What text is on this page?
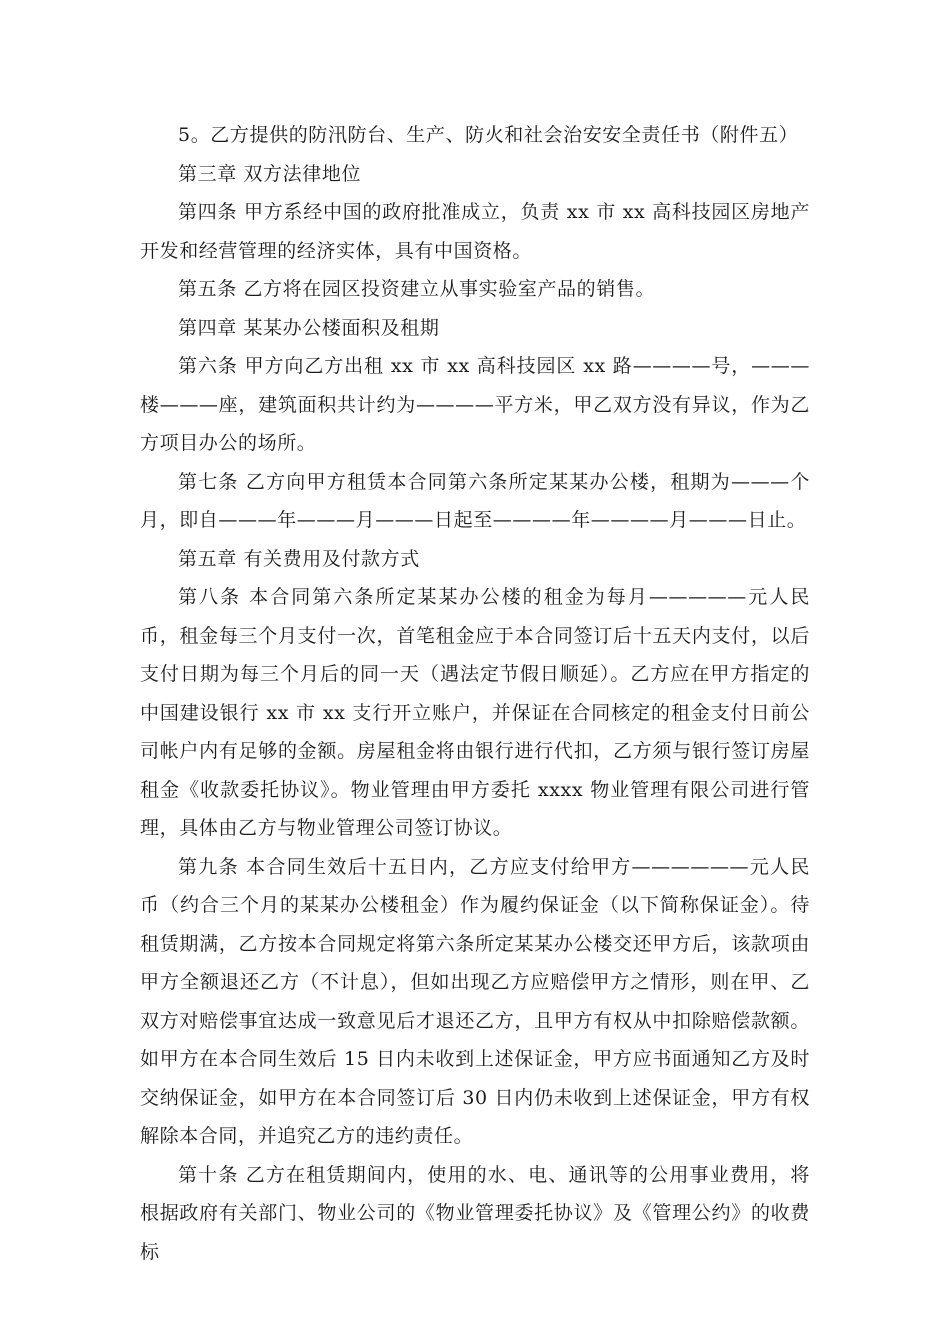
5。乙方提供的防汛防台、生产、防火和社会治安安全责任书（附件五）

第三章 双方法律地位

第四条 甲方系经中国的政府批准成立，负责 xx 市 xx 高科技园区房地产开发和经营管理的经济实体，具有中国资格。

第五条 乙方将在园区投资建立从事实验室产品的销售。

第四章 某某办公楼面积及租期

第六条 甲方向乙方出租 xx 市 xx 高科技园区 xx 路————号，———楼———座，建筑面积共计约为————平方米，甲乙双方没有异议，作为乙方项目办公的场所。

第七条 乙方向甲方租赁本合同第六条所定某某办公楼，租期为———个月，即自———年———月———日起至————年————月———日止。

第五章 有关费用及付款方式

第八条 本合同第六条所定某某办公楼的租金为每月—————元人民币，租金每三个月支付一次，首笔租金应于本合同签订后十五天内支付，以后支付日期为每三个月后的同一天（遇法定节假日顺延）。乙方应在甲方指定的中国建设银行 xx 市 xx 支行开立账户，并保证在合同核定的租金支付日前公司帐户内有足够的金额。房屋租金将由银行进行代扣，乙方须与银行签订房屋租金《收款委托协议》。物业管理由甲方委托 xxxx 物业管理有限公司进行管理，具体由乙方与物业管理公司签订协议。

第九条 本合同生效后十五日内，乙方应支付给甲方——————元人民币（约合三个月的某某办公楼租金）作为履约保证金（以下简称保证金）。待租赁期满，乙方按本合同规定将第六条所定某某办公楼交还甲方后，该款项由甲方全额退还乙方（不计息），但如出现乙方应赔偿甲方之情形，则在甲、乙双方对赔偿事宜达成一致意见后才退还乙方，且甲方有权从中扣除赔偿款额。如甲方在本合同生效后 15 日内未收到上述保证金，甲方应书面通知乙方及时交纳保证金，如甲方在本合同签订后 30 日内仍未收到上述保证金，甲方有权解除本合同，并追究乙方的违约责任。

第十条 乙方在租赁期间内，使用的水、电、通讯等的公用事业费用，将根据政府有关部门、物业公司的《物业管理委托协议》及《管理公约》的收费标
